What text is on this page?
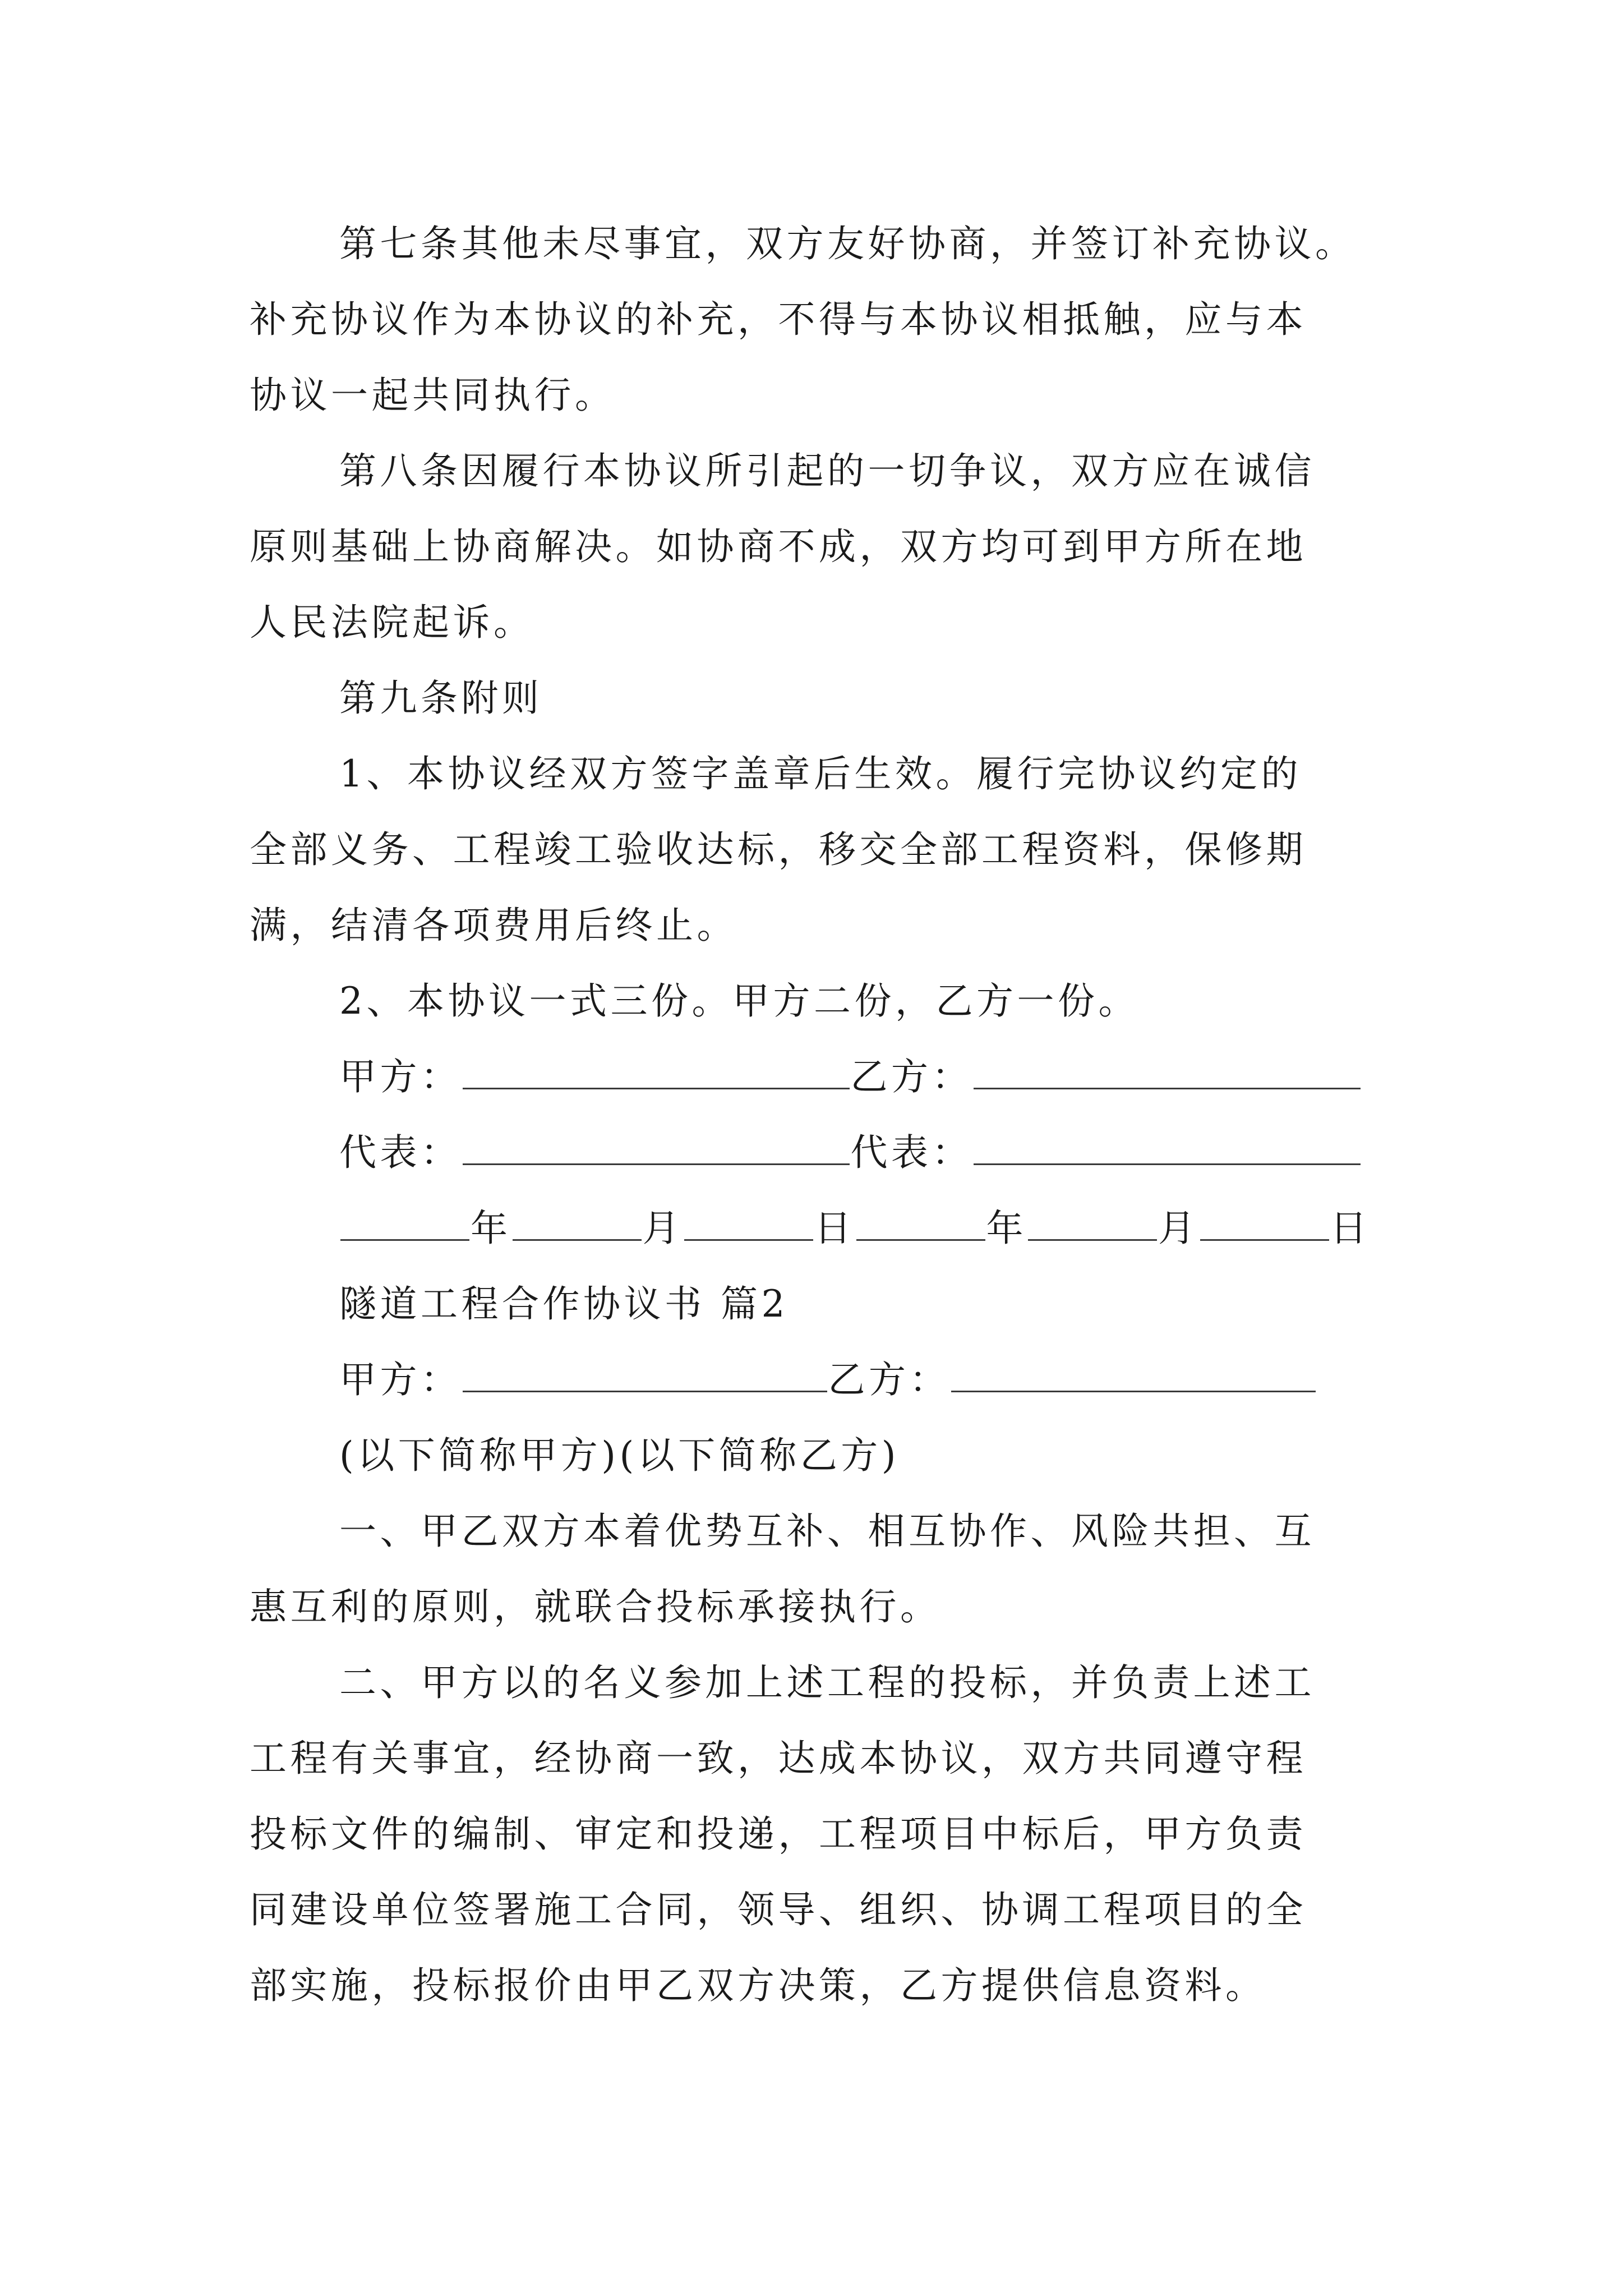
第七条其他未尽事宜，双方友好协商，并签订补充协议。
补充协议作为本协议的补充，不得与本协议相抵触，应与本
协议一起共同执行。
第八条因履行本协议所引起的一切争议，双方应在诚信
原则基础上协商解决。如协商不成，双方均可到甲方所在地
人民法院起诉。
第九条附则
1、本协议经双方签字盖章后生效。履行完协议约定的
全部义务、工程竣工验收达标，移交全部工程资料，保修期
满，结清各项费用后终止。
2、本协议一式三份。甲方二份，乙方一份。
甲方：	乙方：
代表：	代表：
年	月	日	年	月	日
隧道工程合作协议书 篇2
甲方：	乙方：
(以下简称甲方)(以下简称乙方)
一、甲乙双方本着优势互补、相互协作、风险共担、互
惠互利的原则，就联合投标承接执行。
二、甲方以的名义参加上述工程的投标，并负责上述工
工程有关事宜，经协商一致，达成本协议，双方共同遵守程
投标文件的编制、审定和投递，工程项目中标后，甲方负责
同建设单位签署施工合同，领导、组织、协调工程项目的全
部实施，投标报价由甲乙双方决策，乙方提供信息资料。
